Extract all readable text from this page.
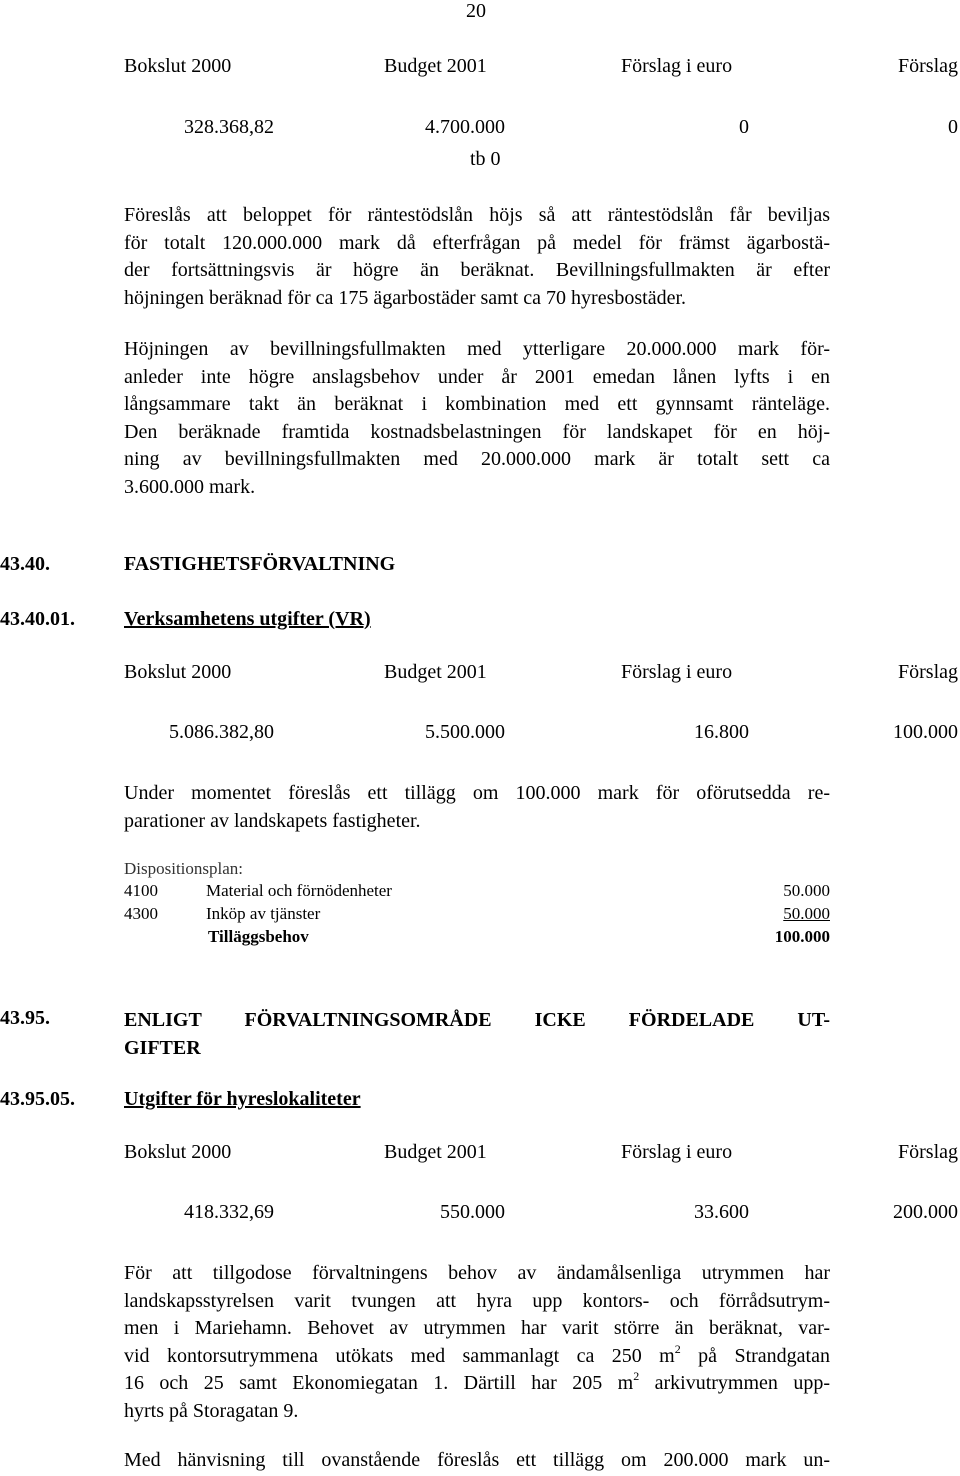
20
Bokslut 2000	Budget 2001	Förslag i euro	Förslag
328.368,82	4.700.000	0	0
tb 0
Föreslås att beloppet för räntestödslån höjs så att räntestödslån får beviljas
för totalt 120.000.000 mark då efterfrågan på medel för främst ägarbostä-
der fortsättningsvis är högre än beräknat. Bevillningsfullmakten är efter
höjningen beräknad för ca 175 ägarbostäder samt ca 70 hyresbostäder.
Höjningen av bevillningsfullmakten med ytterligare 20.000.000 mark för-
anleder inte högre anslagsbehov under år 2001 emedan lånen lyfts i en
långsammare takt än beräknat i kombination med ett gynnsamt ränteläge.
Den beräknade framtida kostnadsbelastningen för landskapet för en höj-
ning av bevillningsfullmakten med 20.000.000 mark är totalt sett ca
3.600.000 mark.
43.40.	FASTIGHETSFÖRVALTNING
43.40.01. Verksamhetens utgifter (VR)
Bokslut 2000	Budget 2001	Förslag i euro	Förslag
5.086.382,80	5.500.000	16.800	100.000
Under momentet föreslås ett tillägg om 100.000 mark för oförutsedda re-
parationer av landskapets fastigheter.
Dispositionsplan:
4100	Material och förnödenheter	50.000
4300	Inköp av tjänster	50.000
Tilläggsbehov	100.000
43.95.	ENLIGT FÖRVALTNINGSOMRÅDE ICKE FÖRDELADE UT-
GIFTER
43.95.05. Utgifter för hyreslokaliteter
Bokslut 2000	Budget 2001	Förslag i euro	Förslag
418.332,69	550.000	33.600	200.000
För att tillgodose förvaltningens behov av ändamålsenliga utrymmen har
landskapsstyrelsen varit tvungen att hyra upp kontors- och förrådsutrym-
men i Mariehamn. Behovet av utrymmen har varit större än beräknat, var-
vid kontorsutrymmena utökats med sammanlagt ca 250 $m^2$ på Strandgatan
16 och 25 samt Ekonomiegatan 1. Därtill har 205 $m^2$ arkivutrymmen upp-
hyrts på Storagatan 9.
Med hänvisning till ovanstående föreslås ett tillägg om 200.000 mark un-
